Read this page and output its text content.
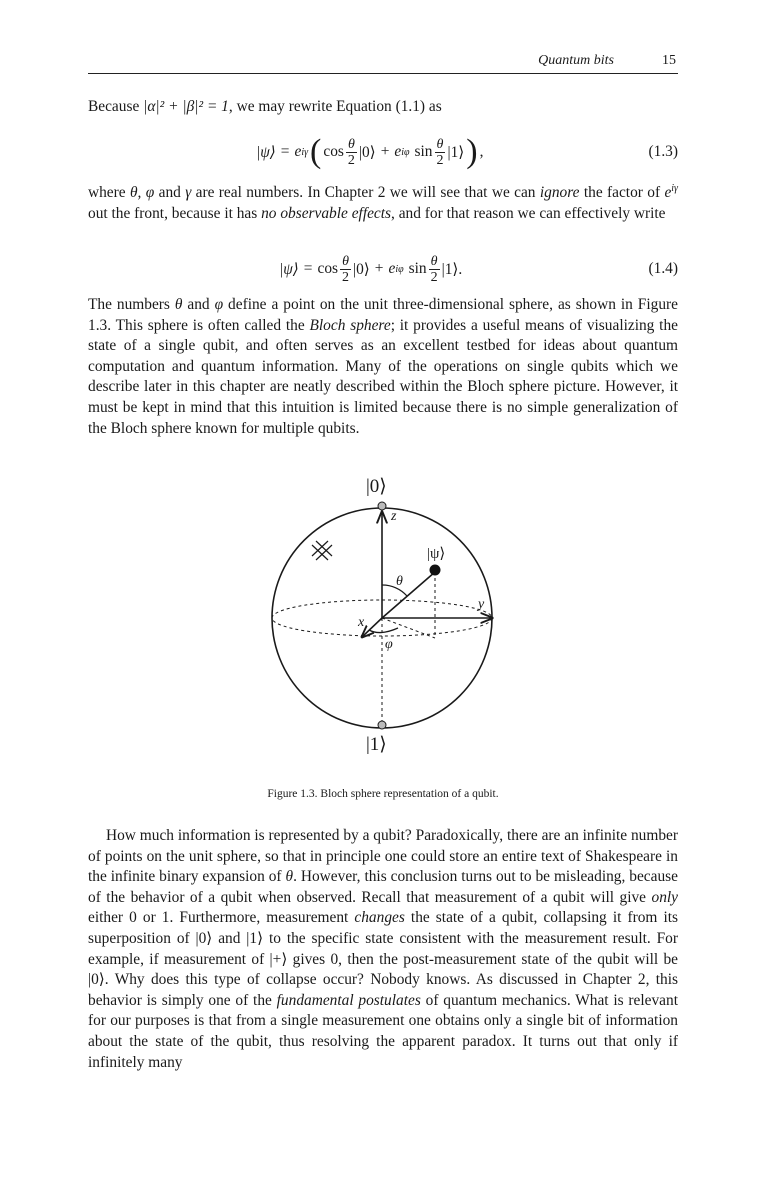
Quantum bits	15
Because |α|² + |β|² = 1, we may rewrite Equation (1.1) as
|ψ⟩ = e iγ ( $\cos \frac{\theta}{2}$ |0⟩ + e iφ $\sin \frac{\theta}{2}$ |1⟩ ) ,	(1.3)
where θ, φ and γ are real numbers. In Chapter 2 we will see that we can ignore the factor of $e^{i\gamma}$ out the front, because it has no observable effects, and for that reason we can effectively write
|ψ⟩ = $\cos \frac{\theta}{2}$ |0⟩ + e iφ $\sin \frac{\theta}{2}$ |1⟩.	(1.4)
The numbers θ and φ define a point on the unit three-dimensional sphere, as shown in Figure 1.3. This sphere is often called the Bloch sphere; it provides a useful means of visualizing the state of a single qubit, and often serves as an excellent testbed for ideas about quantum computation and quantum information. Many of the operations on single qubits which we describe later in this chapter are neatly described within the Bloch sphere picture. However, it must be kept in mind that this intuition is limited because there is no simple generalization of the Bloch sphere known for multiple qubits.
|0⟩
|1⟩
|ψ⟩
z
y
x
θ
φ
Figure 1.3. Bloch sphere representation of a qubit.
How much information is represented by a qubit? Paradoxically, there are an infinite number of points on the unit sphere, so that in principle one could store an entire text of Shakespeare in the infinite binary expansion of θ. However, this conclusion turns out to be misleading, because of the behavior of a qubit when observed. Recall that measurement of a qubit will give only either 0 or 1. Furthermore, measurement changes the state of a qubit, collapsing it from its superposition of |0⟩ and |1⟩ to the specific state consistent with the measurement result. For example, if measurement of |+⟩ gives 0, then the post-measurement state of the qubit will be |0⟩. Why does this type of collapse occur? Nobody knows. As discussed in Chapter 2, this behavior is simply one of the fundamental postulates of quantum mechanics. What is relevant for our purposes is that from a single measurement one obtains only a single bit of information about the state of the qubit, thus resolving the apparent paradox. It turns out that only if infinitely many
